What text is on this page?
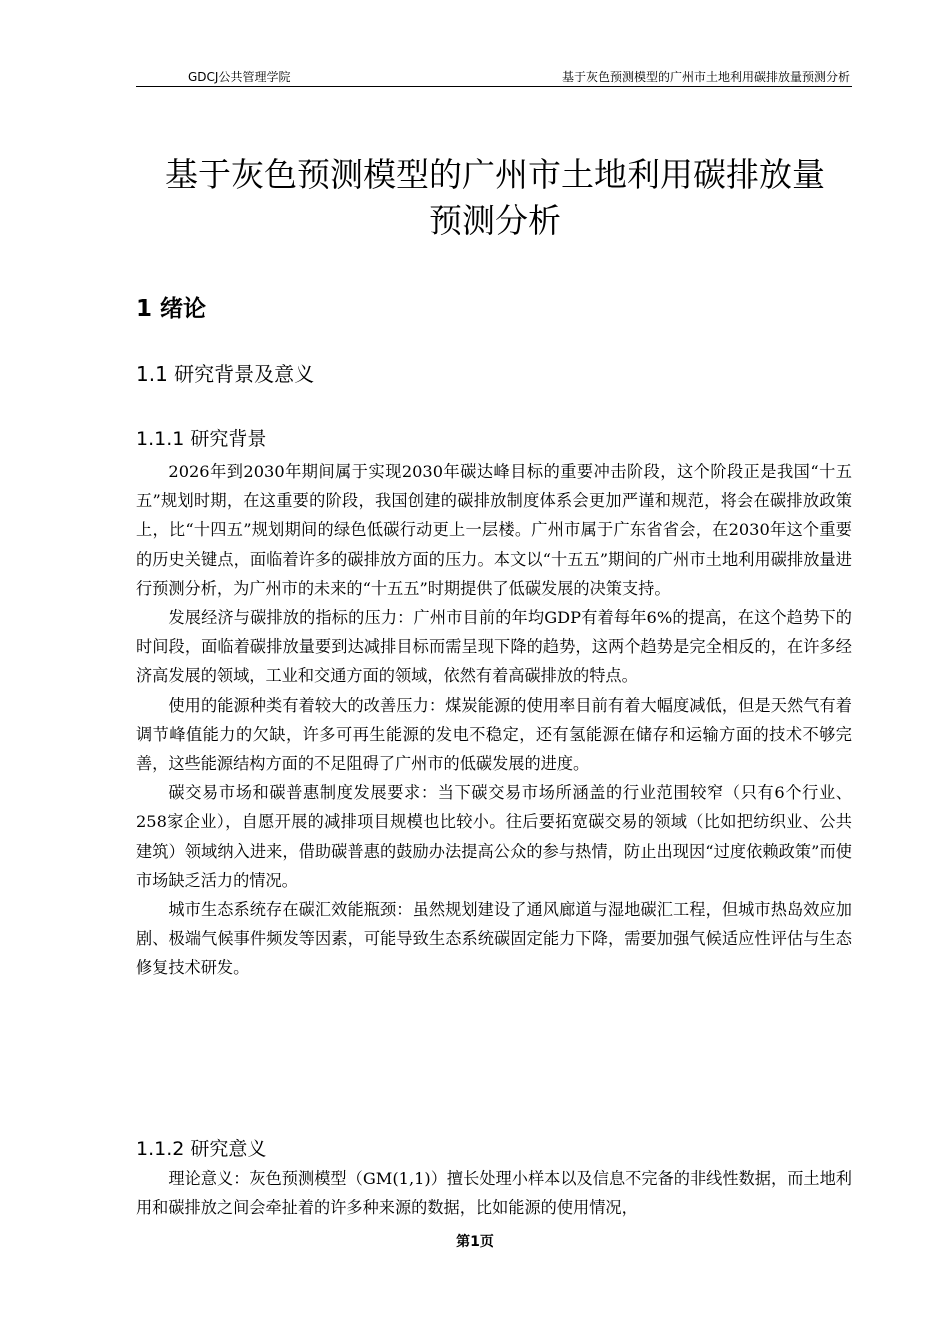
GDCJ公共管理学院	基于灰色预测模型的广州市土地利用碳排放量预测分析
基于灰色预测模型的广州市土地利用碳排放量
预测分析
1 绪论
1.1 研究背景及意义
1.1.1 研究背景

2026年到2030年期间属于实现2030年碳达峰目标的重要冲击阶段，这个阶段正是我国“十五五”规划时期，在这重要的阶段，我国创建的碳排放制度体系会更加严谨和规范，将会在碳排放政策上，比“十四五”规划期间的绿色低碳行动更上一层楼。广州市属于广东省省会，在2030年这个重要的历史关键点，面临着许多的碳排放方面的压力。本文以“十五五”期间的广州市土地利用碳排放量进行预测分析，为广州市的未来的“十五五”时期提供了低碳发展的决策支持。

发展经济与碳排放的指标的压力：广州市目前的年均GDP有着每年6%的提高，在这个趋势下的时间段，面临着碳排放量要到达减排目标而需呈现下降的趋势，这两个趋势是完全相反的，在许多经济高发展的领域，工业和交通方面的领域，依然有着高碳排放的特点。

使用的能源种类有着较大的改善压力：煤炭能源的使用率目前有着大幅度减低，但是天然气有着调节峰值能力的欠缺，许多可再生能源的发电不稳定，还有氢能源在储存和运输方面的技术不够完善，这些能源结构方面的不足阻碍了广州市的低碳发展的进度。

碳交易市场和碳普惠制度发展要求：当下碳交易市场所涵盖的行业范围较窄（只有6个行业、258家企业），自愿开展的减排项目规模也比较小。往后要拓宽碳交易的领域（比如把纺织业、公共建筑）领域纳入进来，借助碳普惠的鼓励办法提高公众的参与热情，防止出现因“过度依赖政策”而使市场缺乏活力的情况。

城市生态系统存在碳汇效能瓶颈：虽然规划建设了通风廊道与湿地碳汇工程，但城市热岛效应加剧、极端气候事件频发等因素，可能导致生态系统碳固定能力下降，需要加强气候适应性评估与生态修复技术研发。

1.1.2 研究意义

理论意义：灰色预测模型（GM(1,1)）擅长处理小样本以及信息不完备的非线性数据，而土地利用和碳排放之间会牵扯着的许多种来源的数据，比如能源的使用情况，

第1页
